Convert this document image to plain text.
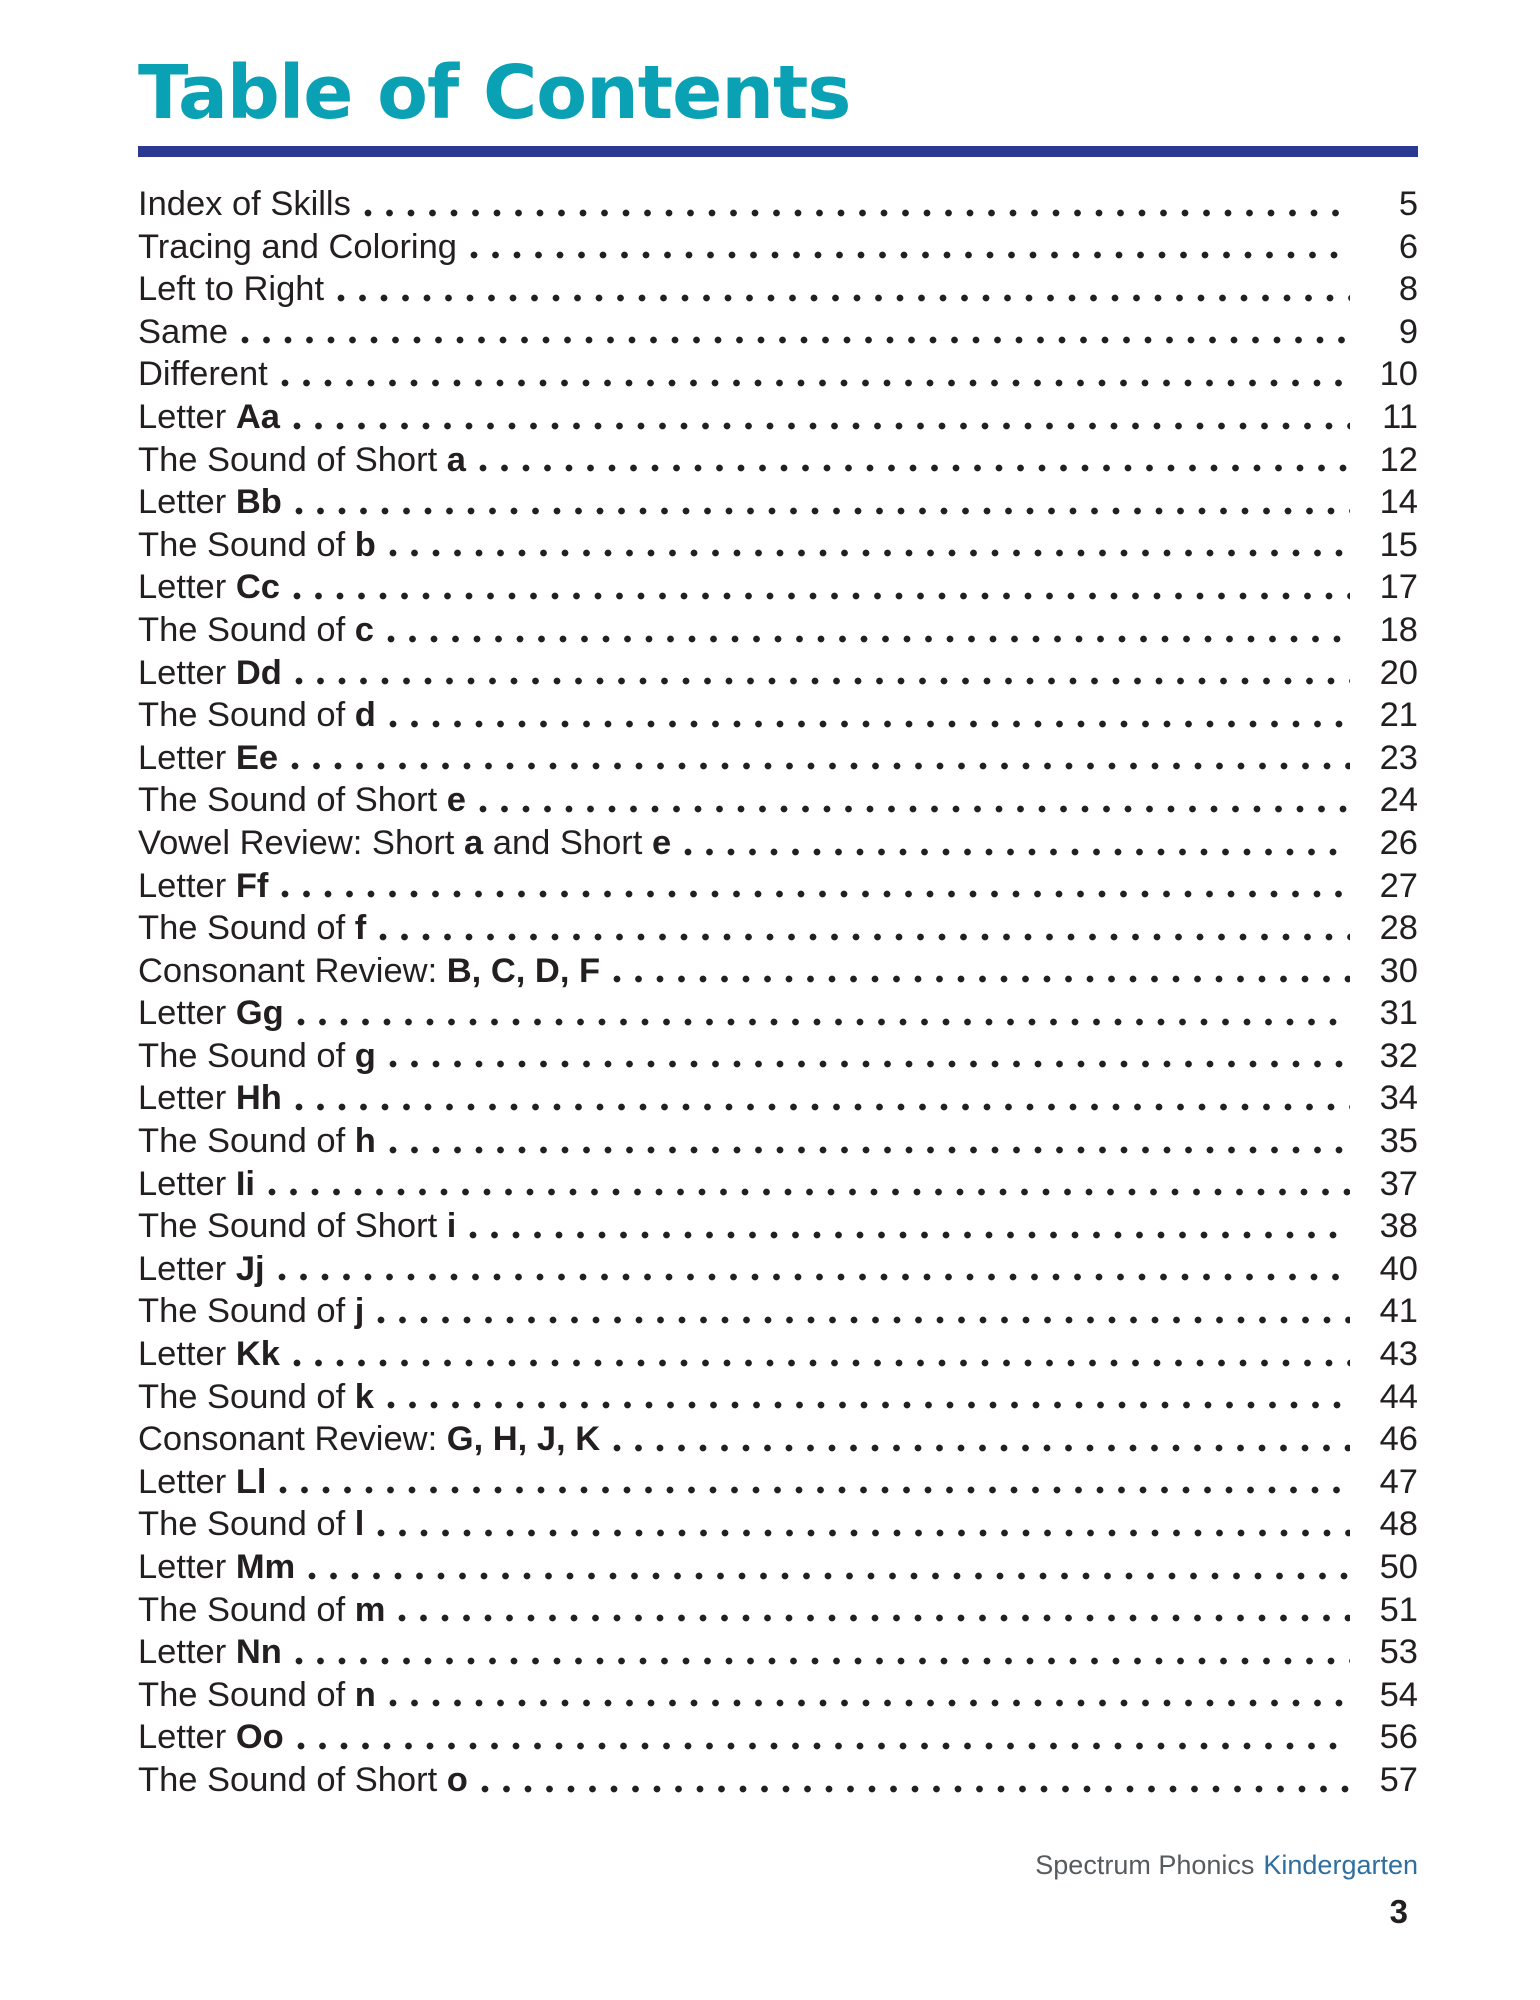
Table of Contents
Index of Skills	5
Tracing and Coloring	6
Left to Right	8
Same	9
Different	10
Letter Aa	11
The Sound of Short a	12
Letter Bb	14
The Sound of b	15
Letter Cc	17
The Sound of c	18
Letter Dd	20
The Sound of d	21
Letter Ee	23
The Sound of Short e	24
Vowel Review: Short a and Short e	26
Letter Ff	27
The Sound of f	28
Consonant Review: B, C, D, F	30
Letter Gg	31
The Sound of g	32
Letter Hh	34
The Sound of h	35
Letter Ii	37
The Sound of Short i	38
Letter Jj	40
The Sound of j	41
Letter Kk	43
The Sound of k	44
Consonant Review: G, H, J, K	46
Letter Ll	47
The Sound of l	48
Letter Mm	50
The Sound of m	51
Letter Nn	53
The Sound of n	54
Letter Oo	56
The Sound of Short o	57
Spectrum Phonics Kindergarten
3
